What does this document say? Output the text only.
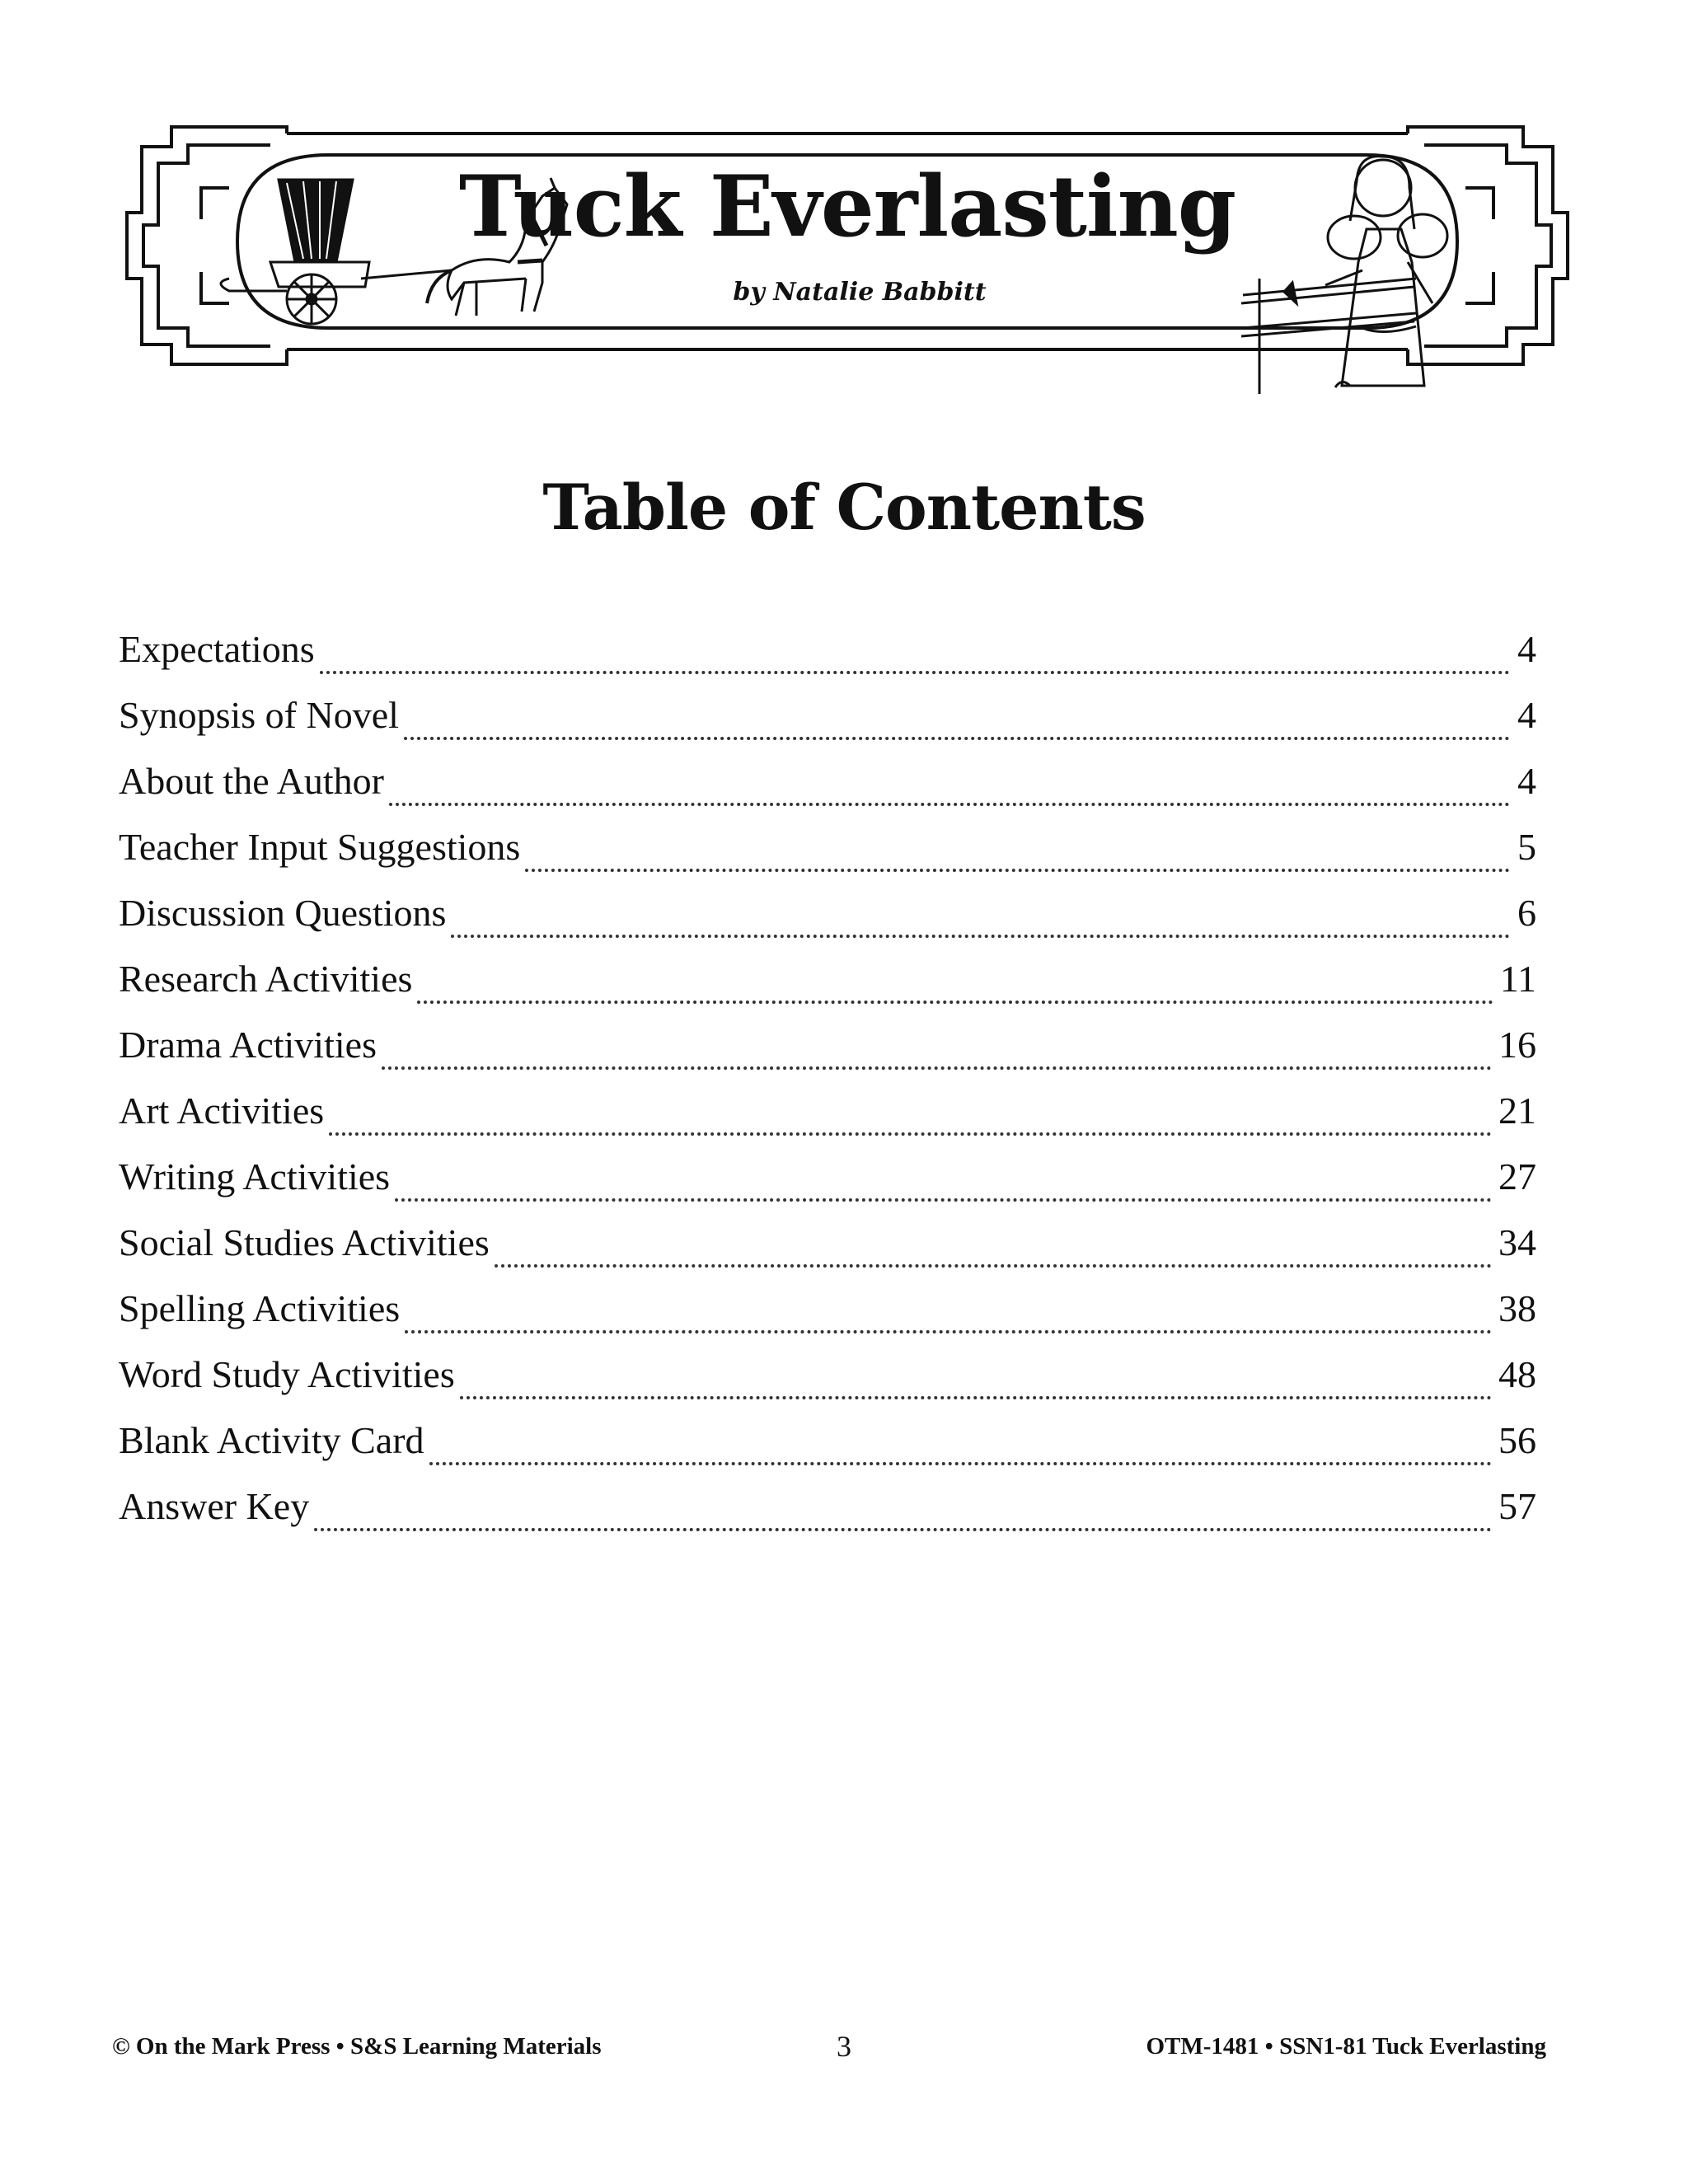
Tuck Everlasting
by Natalie Babbitt
Table of Contents
Expectations	4
Synopsis of Novel	4
About the Author	4
Teacher Input Suggestions	5
Discussion Questions	6
Research Activities	11
Drama Activities	16
Art Activities	21
Writing Activities	27
Social Studies Activities	34
Spelling Activities	38
Word Study Activities	48
Blank Activity Card	56
Answer Key	57
3
© On the Mark Press • S&S Learning Materials	OTM-1481 • SSN1-81 Tuck Everlasting
